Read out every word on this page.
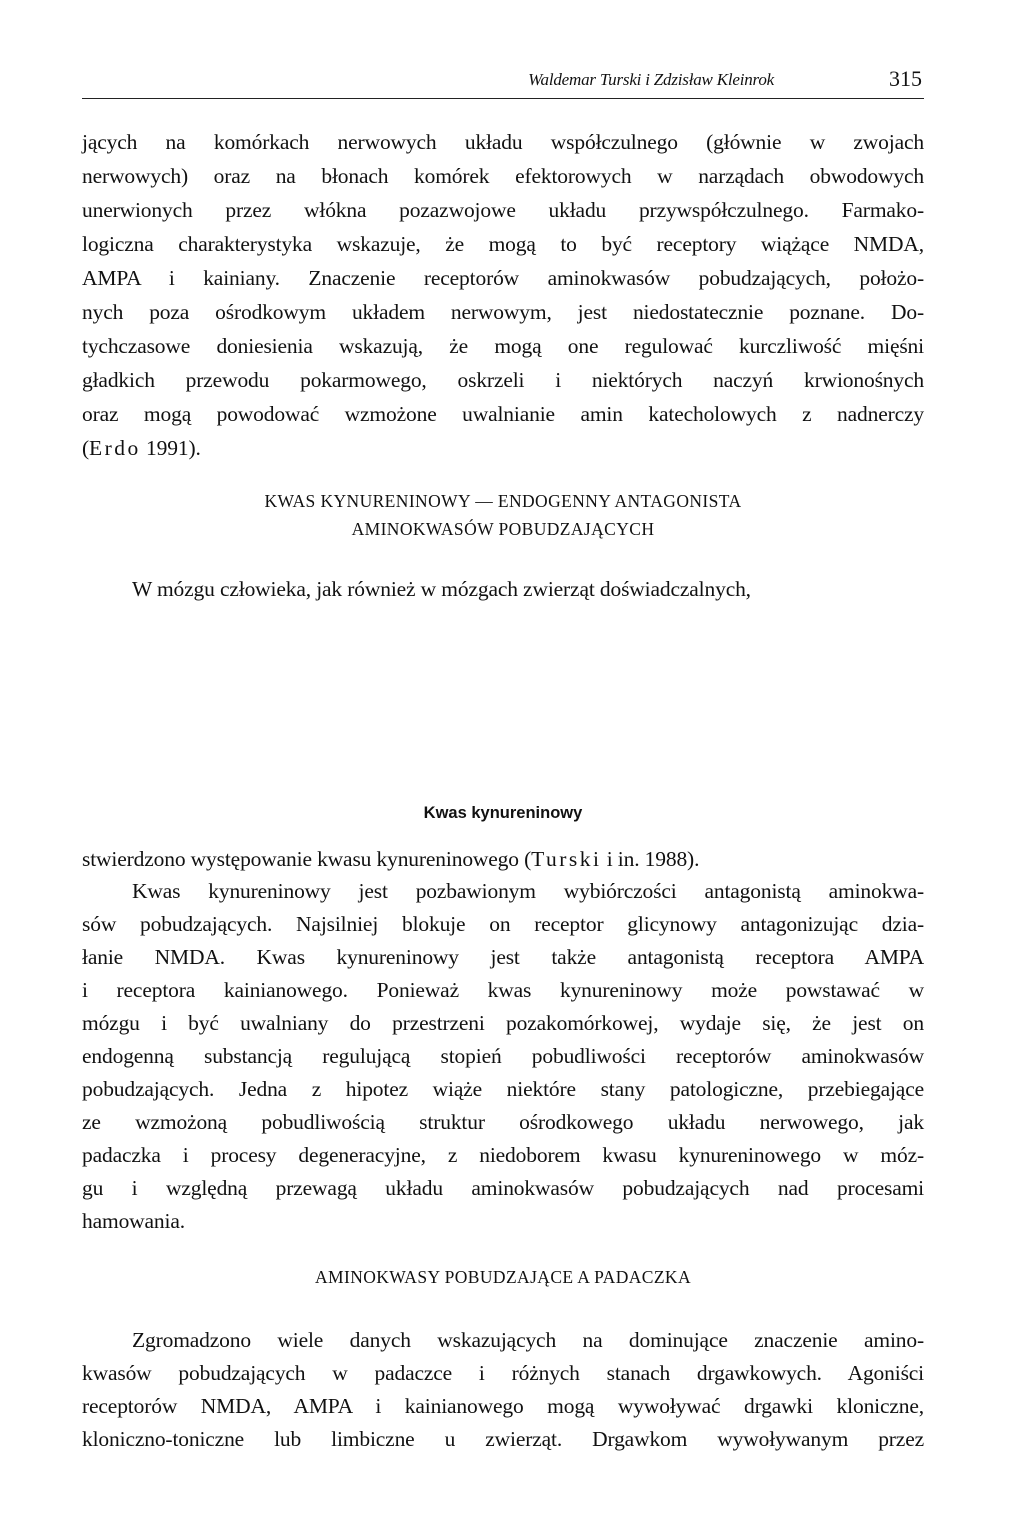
Waldemar Turski i Zdzisław Kleinrok	315
jących na komórkach nerwowych układu współczulnego (głównie w zwojach
nerwowych) oraz na błonach komórek efektorowych w narządach obwodowych
unerwionych przez włókna pozazwojowe układu przywspółczulnego. Farmako-
logiczna charakterystyka wskazuje, że mogą to być receptory wiążące NMDA,
AMPA i kainiany. Znaczenie receptorów aminokwasów pobudzających, położo-
nych poza ośrodkowym układem nerwowym, jest niedostatecznie poznane. Do-
tychczasowe doniesienia wskazują, że mogą one regulować kurczliwość mięśni
gładkich przewodu pokarmowego, oskrzeli i niektórych naczyń krwionośnych
oraz mogą powodować wzmożone uwalnianie amin katecholowych z nadnerczy
(Erdo 1991).
KWAS KYNURENINOWY — ENDOGENNY ANTAGONISTA
AMINOKWASÓW POBUDZAJĄCYCH
W mózgu człowieka, jak również w mózgach zwierząt doświadczalnych,
Kwas kynureninowy
stwierdzono występowanie kwasu kynureninowego (Turski i in. 1988).
Kwas kynureninowy jest pozbawionym wybiórczości antagonistą aminokwa-
sów pobudzających. Najsilniej blokuje on receptor glicynowy antagonizując dzia-
łanie NMDA. Kwas kynureninowy jest także antagonistą receptora AMPA
i receptora kainianowego. Ponieważ kwas kynureninowy może powstawać w
mózgu i być uwalniany do przestrzeni pozakomórkowej, wydaje się, że jest on
endogenną substancją regulującą stopień pobudliwości receptorów aminokwasów
pobudzających. Jedna z hipotez wiąże niektóre stany patologiczne, przebiegające
ze wzmożoną pobudliwością struktur ośrodkowego układu nerwowego, jak
padaczka i procesy degeneracyjne, z niedoborem kwasu kynureninowego w móz-
gu i względną przewagą układu aminokwasów pobudzających nad procesami
hamowania.
AMINOKWASY POBUDZAJĄCE A PADACZKA
Zgromadzono wiele danych wskazujących na dominujące znaczenie amino-
kwasów pobudzających w padaczce i różnych stanach drgawkowych. Agoniści
receptorów NMDA, AMPA i kainianowego mogą wywoływać drgawki kloniczne,
kloniczno-toniczne lub limbiczne u zwierząt. Drgawkom wywoływanym przez
